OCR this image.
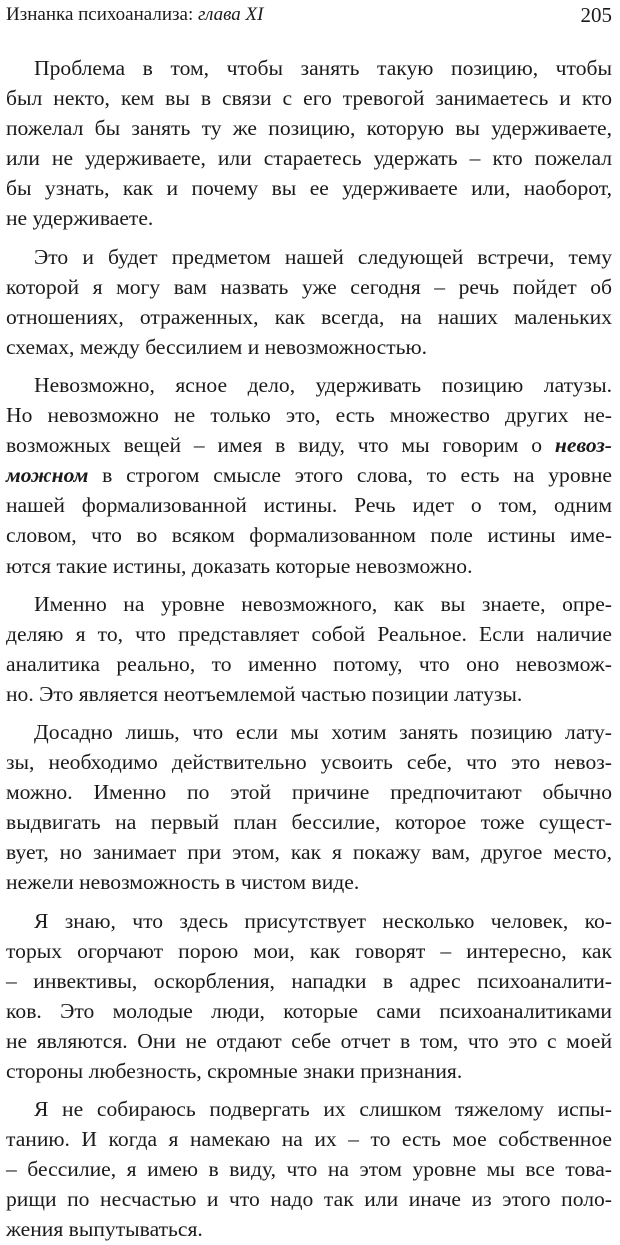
Изнанка психоанализа: глава XI	205
Проблема в том, чтобы занять такую позицию, чтобы
был некто, кем вы в связи с его тревогой занимаетесь и кто
пожелал бы занять ту же позицию, которую вы удерживаете,
или не удерживаете, или стараетесь удержать – кто пожелал
бы узнать, как и почему вы ее удерживаете или, наоборот,
не удерживаете.
Это и будет предметом нашей следующей встречи, тему
которой я могу вам назвать уже сегодня – речь пойдет об
отношениях, отраженных, как всегда, на наших маленьких
схемах, между бессилием и невозможностью.
Невозможно, ясное дело, удерживать позицию латузы.
Но невозможно не только это, есть множество других не-
возможных вещей – имея в виду, что мы говорим о невоз-
можном в строгом смысле этого слова, то есть на уровне
нашей формализованной истины. Речь идет о том, одним
словом, что во всяком формализованном поле истины име-
ются такие истины, доказать которые невозможно.
Именно на уровне невозможного, как вы знаете, опре-
деляю я то, что представляет собой Реальное. Если наличие
аналитика реально, то именно потому, что оно невозмож-
но. Это является неотъемлемой частью позиции латузы.
Досадно лишь, что если мы хотим занять позицию лату-
зы, необходимо действительно усвоить себе, что это невоз-
можно. Именно по этой причине предпочитают обычно
выдвигать на первый план бессилие, которое тоже сущест-
вует, но занимает при этом, как я покажу вам, другое место,
нежели невозможность в чистом виде.
Я знаю, что здесь присутствует несколько человек, ко-
торых огорчают порою мои, как говорят – интересно, как
– инвективы, оскорбления, нападки в адрес психоаналити-
ков. Это молодые люди, которые сами психоаналитиками
не являются. Они не отдают себе отчет в том, что это с моей
стороны любезность, скромные знаки признания.
Я не собираюсь подвергать их слишком тяжелому испы-
танию. И когда я намекаю на их – то есть мое собственное
– бессилие, я имею в виду, что на этом уровне мы все това-
рищи по несчастью и что надо так или иначе из этого поло-
жения выпутываться.
